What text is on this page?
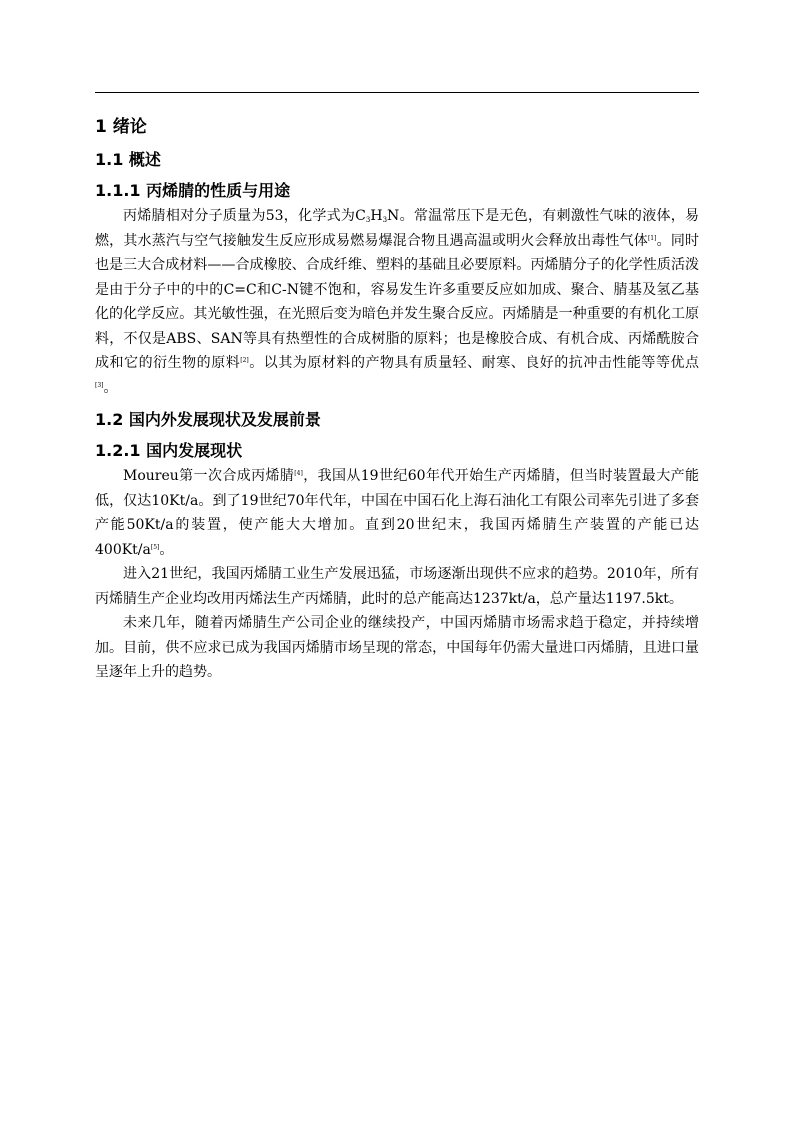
1 绪论
1.1 概述
1.1.1 丙烯腈的性质与用途

丙烯腈相对分子质量为53，化学式为$C_3H_3N$。常温常压下是无色，有刺激性气味的液体，易燃，其水蒸汽与空气接触发生反应形成易燃易爆混合物且遇高温或明火会释放出毒性气体[1]。同时也是三大合成材料——合成橡胶、合成纤维、塑料的基础且必要原料。丙烯腈分子的化学性质活泼是由于分子中的中的C=C和C-N键不饱和，容易发生许多重要反应如加成、聚合、腈基及氢乙基化的化学反应。其光敏性强，在光照后变为暗色并发生聚合反应。丙烯腈是一种重要的有机化工原料，不仅是ABS、SAN等具有热塑性的合成树脂的原料；也是橡胶合成、有机合成、丙烯酰胺合成和它的衍生物的原料[2]。以其为原材料的产物具有质量轻、耐寒、良好的抗冲击性能等等优点 [3]。

1.2 国内外发展现状及发展前景
1.2.1 国内发展现状

Moureu第一次合成丙烯腈[4]，我国从19世纪60年代开始生产丙烯腈，但当时装置最大产能低，仅达10Kt/a。到了19世纪70年代年，中国在中国石化上海石油化工有限公司率先引进了多套产能50Kt/a的装置，使产能大大增加。直到20世纪末，我国丙烯腈生产装置的产能已达400Kt/a[5]。

进入21世纪，我国丙烯腈工业生产发展迅猛，市场逐渐出现供不应求的趋势。2010年，所有丙烯腈生产企业均改用丙烯法生产丙烯腈，此时的总产能高达1237kt/a，总产量达1197.5kt。

未来几年，随着丙烯腈生产公司企业的继续投产，中国丙烯腈市场需求趋于稳定，并持续增加。目前，供不应求已成为我国丙烯腈市场呈现的常态，中国每年仍需大量进口丙烯腈，且进口量呈逐年上升的趋势。
